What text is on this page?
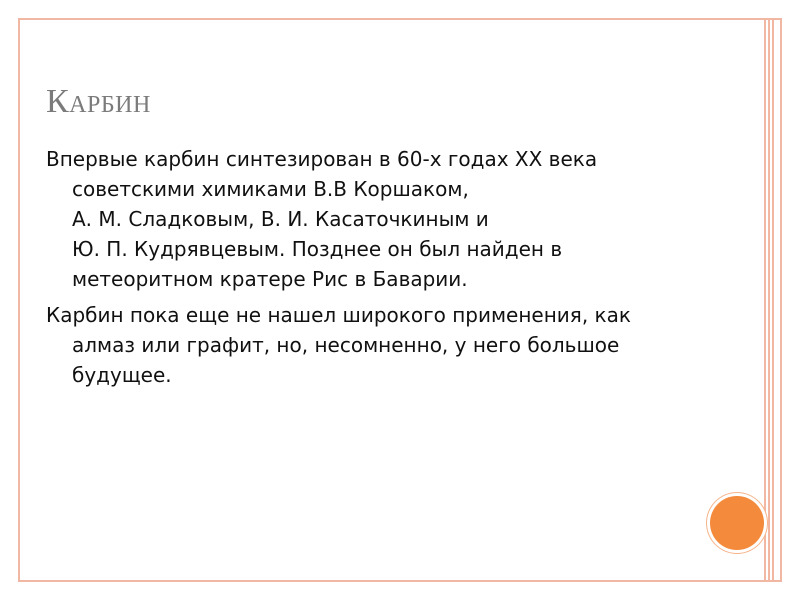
Карбин

Впервые карбин синтезирован в 60-х годах XX века советскими химиками В.В Коршаком,
А. М. Сладковым, В. И. Касаточкиным и
Ю. П. Кудрявцевым. Позднее он был найден в метеоритном кратере Рис в Баварии.

Карбин пока еще не нашел широкого применения, как алмаз или графит, но, несомненно, у него большое будущее.
